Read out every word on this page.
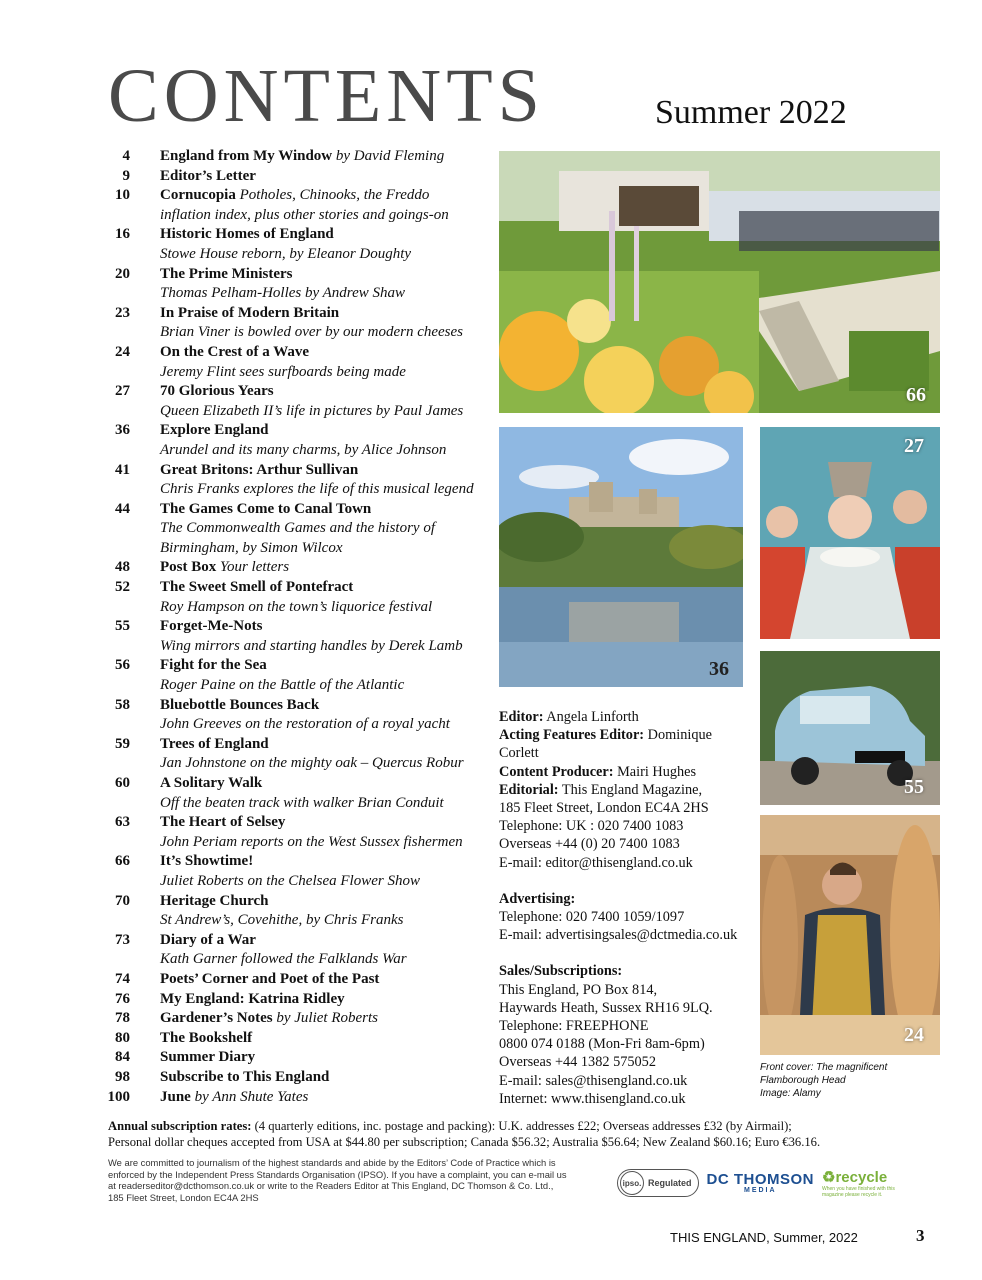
CONTENTS	Summer 2022
4 England from My Window by David Fleming
9 Editor’s Letter
10 Cornucopia Potholes, Chinooks, the Freddo
inflation index, plus other stories and goings-on
16 Historic Homes of England
Stowe House reborn, by Eleanor Doughty
20 The Prime Ministers
Thomas Pelham-Holles by Andrew Shaw
23 In Praise of Modern Britain
Brian Viner is bowled over by our modern cheeses
24 On the Crest of a Wave
Jeremy Flint sees surfboards being made
27 70 Glorious Years
Queen Elizabeth II’s life in pictures by Paul James
36 Explore England
Arundel and its many charms, by Alice Johnson
41 Great Britons: Arthur Sullivan
Chris Franks explores the life of this musical legend
44 The Games Come to Canal Town
The Commonwealth Games and the history of
Birmingham, by Simon Wilcox
48 Post Box Your letters
52 The Sweet Smell of Pontefract
Roy Hampson on the town’s liquorice festival
55 Forget-Me-Nots
Wing mirrors and starting handles by Derek Lamb
56 Fight for the Sea
Roger Paine on the Battle of the Atlantic
58 Bluebottle Bounces Back
John Greeves on the restoration of a royal yacht
59 Trees of England
Jan Johnstone on the mighty oak – Quercus Robur
60 A Solitary Walk
Off the beaten track with walker Brian Conduit
63 The Heart of Selsey
John Periam reports on the West Sussex fishermen
66 It’s Showtime!
Juliet Roberts on the Chelsea Flower Show
70 Heritage Church
St Andrew’s, Covehithe, by Chris Franks
73 Diary of a War
Kath Garner followed the Falklands War
74 Poets’ Corner and Poet of the Past
76 My England: Katrina Ridley
78 Gardener’s Notes by Juliet Roberts
80 The Bookshelf
84 Summer Diary
98 Subscribe to This England
100 June by Ann Shute Yates
66
36
27
55
24
Editor: Angela Linforth
Acting Features Editor: Dominique Corlett
Content Producer: Mairi Hughes
Editorial: This England Magazine,
185 Fleet Street, London EC4A 2HS
Telephone: UK : 020 7400 1083
Overseas +44 (0) 20 7400 1083
E-mail: editor@thisengland.co.uk
Advertising:
Telephone: 020 7400 1059/1097
E-mail: advertisingsales@dctmedia.co.uk
Sales/Subscriptions:
This England, PO Box 814,
Haywards Heath, Sussex RH16 9LQ.
Telephone: FREEPHONE
0800 074 0188 (Mon-Fri 8am-6pm)
Overseas +44 1382 575052
E-mail: sales@thisengland.co.uk
Internet: www.thisengland.co.uk
Front cover: The magnificent
Flamborough Head
Image: Alamy
Annual subscription rates: (4 quarterly editions, inc. postage and packing): U.K. addresses £22; Overseas addresses £32 (by Airmail);
Personal dollar cheques accepted from USA at $44.80 per subscription; Canada $56.32; Australia $56.64; New Zealand $60.16; Euro €36.16.
We are committed to journalism of the highest standards and abide by the Editors’ Code of Practice which is
enforced by the Independent Press Standards Organisation (IPSO). If you have a complaint, you can e-mail us
at readerseditor@dcthomson.co.uk or write to the Readers Editor at This England, DC Thomson & Co. Ltd.,
185 Fleet Street, London EC4A 2HS
ipso. Regulated DC THOMSON
MEDIA
♻recycle
When you have finished with this magazine please recycle it.
THIS ENGLAND, Summer, 2022	3
